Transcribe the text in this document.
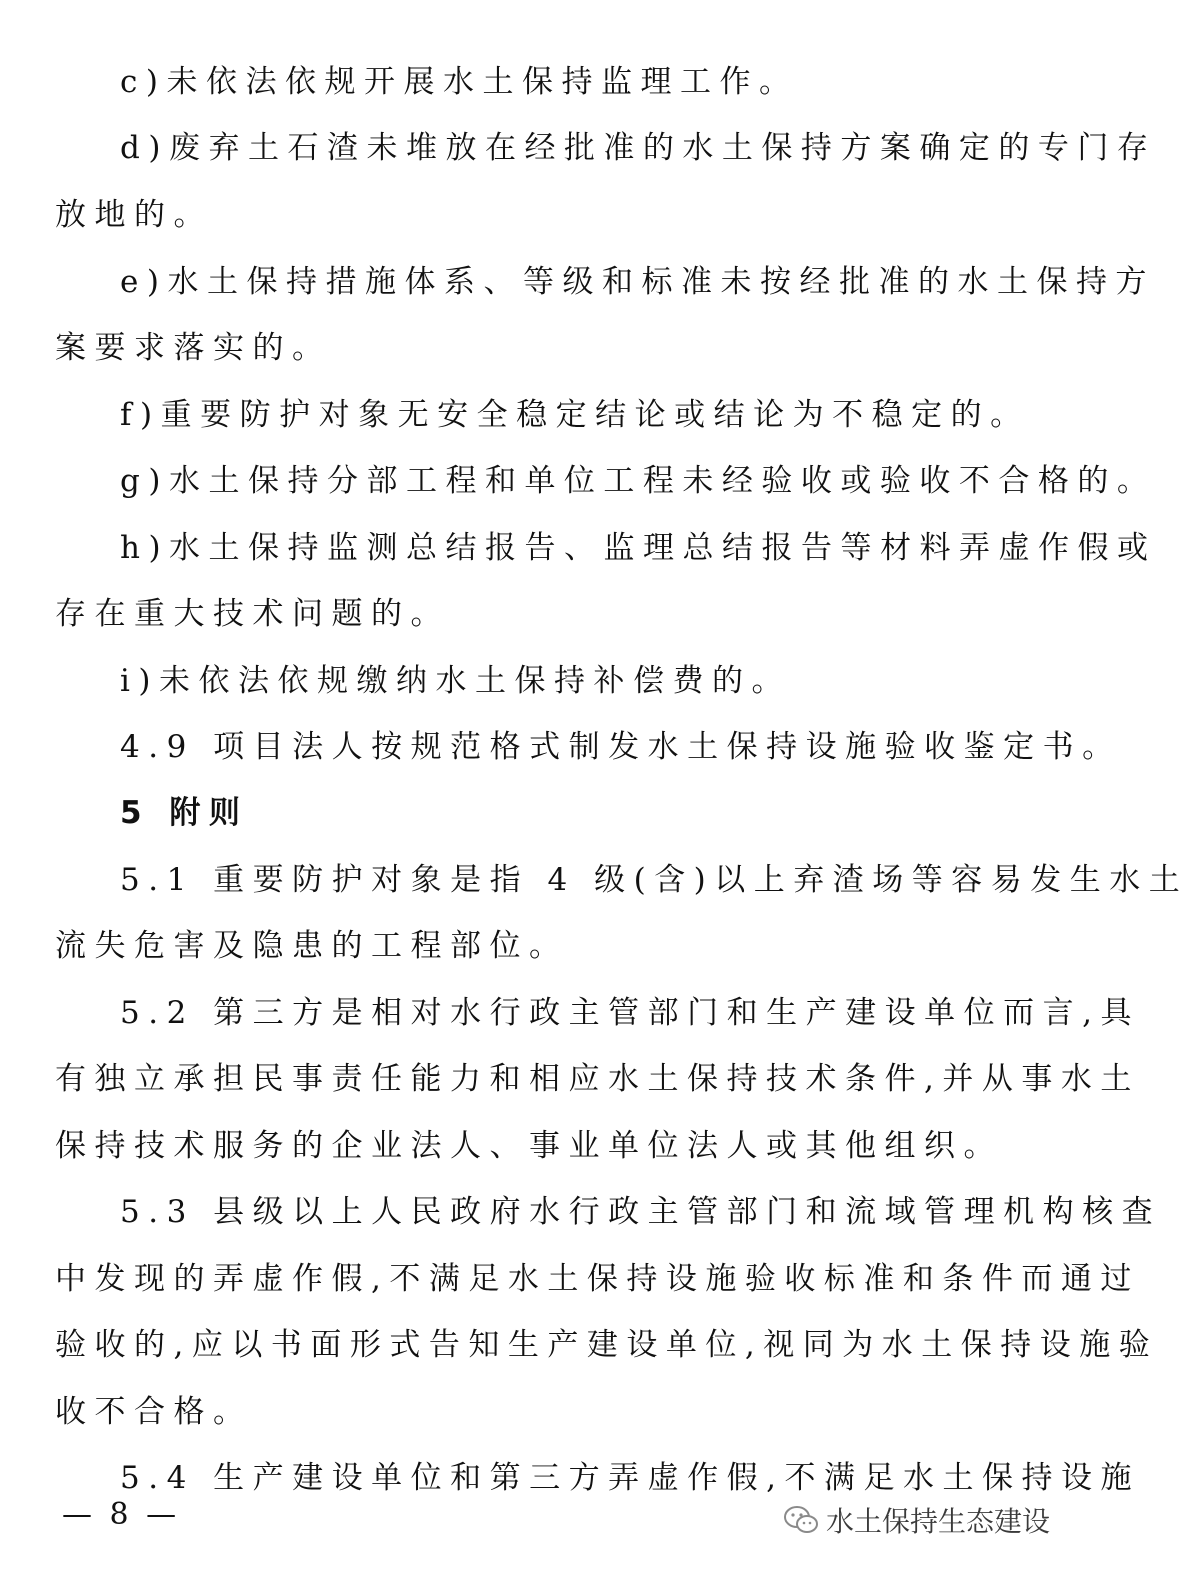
c)未依法依规开展水土保持监理工作。
d)废弃土石渣未堆放在经批准的水土保持方案确定的专门存
放地的。
e)水土保持措施体系、等级和标准未按经批准的水土保持方
案要求落实的。
f)重要防护对象无安全稳定结论或结论为不稳定的。
g)水土保持分部工程和单位工程未经验收或验收不合格的。
h)水土保持监测总结报告、监理总结报告等材料弄虚作假或
存在重大技术问题的。
i)未依法依规缴纳水土保持补偿费的。
4.9 项目法人按规范格式制发水土保持设施验收鉴定书。
5 附则
5.1 重要防护对象是指 4 级(含)以上弃渣场等容易发生水土
流失危害及隐患的工程部位。
5.2 第三方是相对水行政主管部门和生产建设单位而言,具
有独立承担民事责任能力和相应水土保持技术条件,并从事水土
保持技术服务的企业法人、事业单位法人或其他组织。
5.3 县级以上人民政府水行政主管部门和流域管理机构核查
中发现的弄虚作假,不满足水土保持设施验收标准和条件而通过
验收的,应以书面形式告知生产建设单位,视同为水土保持设施验
收不合格。
5.4 生产建设单位和第三方弄虚作假,不满足水土保持设施
— 8 —	水土保持生态建设
